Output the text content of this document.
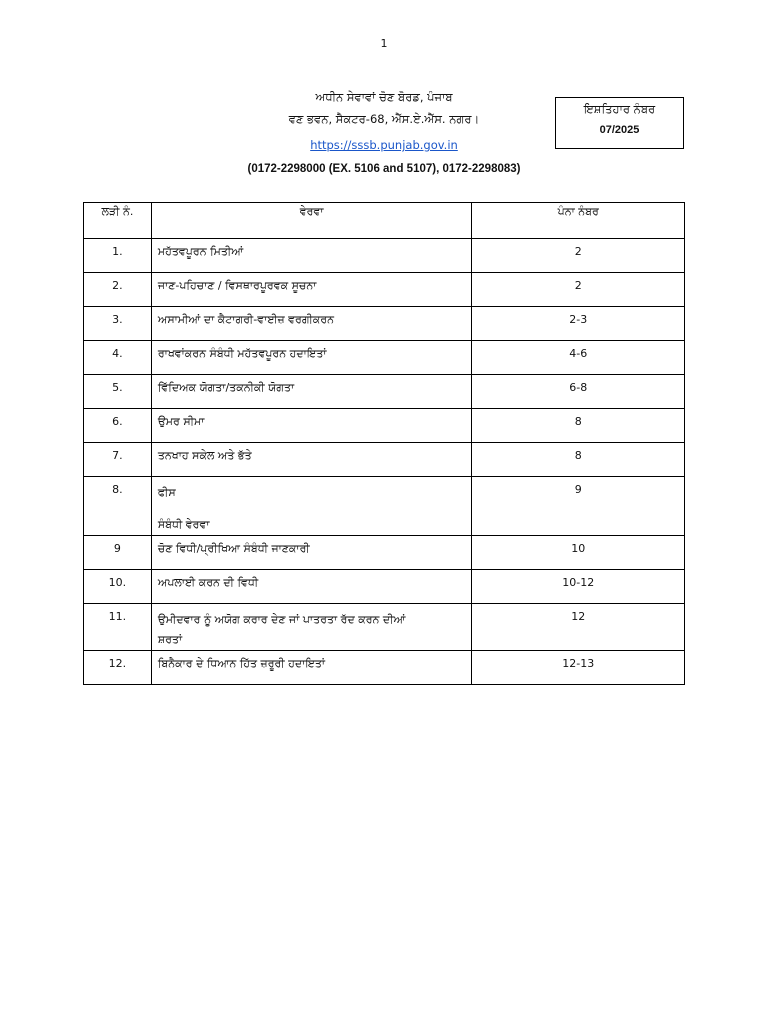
1
ਅਧੀਨ ਸੇਵਾਵਾਂ ਚੋਣ ਬੋਰਡ, ਪੰਜਾਬ
ਵਣ ਭਵਨ, ਸੈਕਟਰ-68, ਐੱਸ.ਏ.ਐੱਸ. ਨਗਰ।
https://sssb.punjab.gov.in
ਇਸ਼ਤਿਹਾਰ ਨੰਬਰ
07/2025
(0172-2298000 (EX. 5106 and 5107), 0172-2298083)
ਲੜੀ ਨੰ.	ਵੇਰਵਾ	ਪੰਨਾ ਨੰਬਰ
1.	ਮਹੱਤਵਪੂਰਨ ਮਿਤੀਆਂ	2
2.	ਜਾਣ-ਪਹਿਚਾਣ / ਵਿਸਥਾਰਪੂਰਵਕ ਸੂਚਨਾ	2
3.	ਅਸਾਮੀਆਂ ਦਾ ਕੈਟਾਗਰੀ-ਵਾਈਜ਼ ਵਰਗੀਕਰਨ	2-3
4.	ਰਾਖਵਾਂਕਰਨ ਸੰਬੰਧੀ ਮਹੱਤਵਪੂਰਨ ਹਦਾਇਤਾਂ	4-6
5.	ਵਿੱਦਿਅਕ ਯੋਗਤਾ/ਤਕਨੀਕੀ ਯੋਗਤਾ	6-8
6.	ਉਮਰ ਸੀਮਾ	8
7.	ਤਨਖਾਹ ਸਕੇਲ ਅਤੇ ਭੱਤੇ	8
8.	ਫੀਸ
ਸੰਬੰਧੀ ਵੇਰਵਾ	9
9	ਚੋਣ ਵਿਧੀ/ਪ੍ਰੀਖਿਆ ਸੰਬੰਧੀ ਜਾਣਕਾਰੀ	10
10.	ਅਪਲਾਈ ਕਰਨ ਦੀ ਵਿਧੀ	10-12
11.	ਉਮੀਦਵਾਰ ਨੂੰ ਅਯੋਗ ਕਰਾਰ ਦੇਣ ਜਾਂ ਪਾਤਰਤਾ ਰੱਦ ਕਰਨ ਦੀਆਂ
ਸ਼ਰਤਾਂ	12
12.	ਬਿਨੈਕਾਰ ਦੇ ਧਿਆਨ ਹਿੱਤ ਜ਼ਰੂਰੀ ਹਦਾਇਤਾਂ	12-13
